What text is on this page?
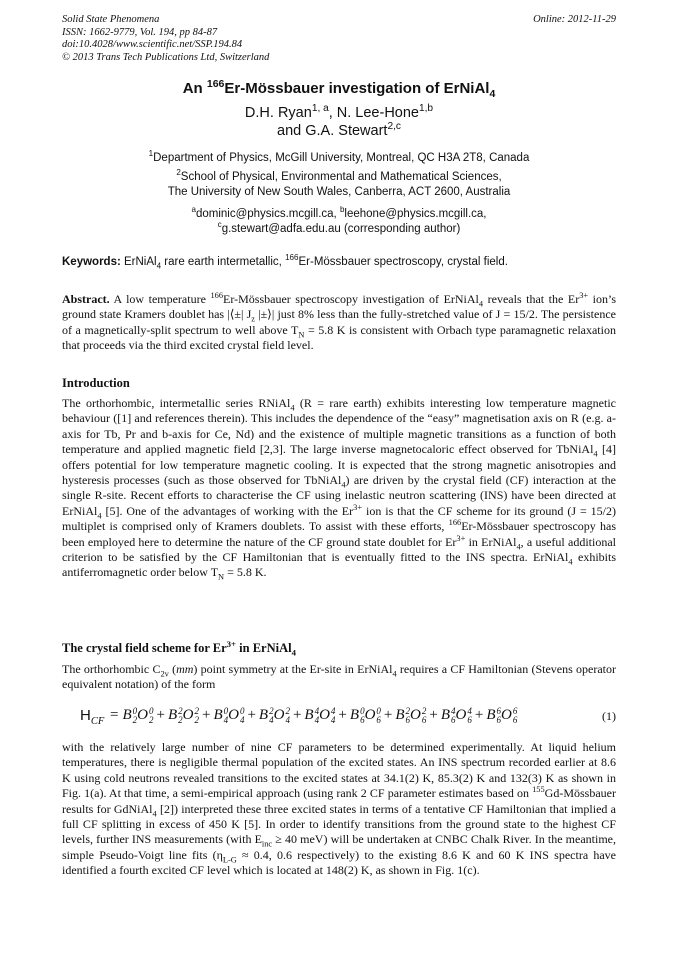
Solid State Phenomena
ISSN: 1662-9779, Vol. 194, pp 84-87
doi:10.4028/www.scientific.net/SSP.194.84
© 2013 Trans Tech Publications Ltd, Switzerland
Online: 2012-11-29
An $^{166}$Er-Mössbauer investigation of ErNiAl$_4$
D.H. Ryan$^{1, a}$, N. Lee-Hone$^{1,b}$
and G.A. Stewart$^{2,c}$
$^1$Department of Physics, McGill University, Montreal, QC H3A 2T8, Canada
$^2$School of Physical, Environmental and Mathematical Sciences,
The University of New South Wales, Canberra, ACT 2600, Australia
$^a$dominic@physics.mcgill.ca, $^b$leehone@physics.mcgill.ca,
$^c$g.stewart@adfa.edu.au (corresponding author)
Keywords: ErNiAl$_4$ rare earth intermetallic, $^{166}$Er-Mössbauer spectroscopy, crystal field.
Abstract. A low temperature $^{166}$Er-Mössbauer spectroscopy investigation of ErNiAl$_4$ reveals that the $Er^{3+}$ ion’s ground state Kramers doublet has |⟨±| $J_z$ |±⟩| just 8% less than the fully-stretched value of J = 15/2. The persistence of a magnetically-split spectrum to well above $T_N = 5.8$ K is consistent with Orbach type paramagnetic relaxation that proceeds via the third excited crystal field level.
Introduction
The orthorhombic, intermetallic series RNiAl$_4$ (R = rare earth) exhibits interesting low temperature magnetic behaviour ([1] and references therein). This includes the dependence of the “easy” magnetisation axis on R (e.g. a-axis for Tb, Pr and b-axis for Ce, Nd) and the existence of multiple magnetic transitions as a function of both temperature and applied magnetic field [2,3]. The large inverse magnetocaloric effect observed for TbNiAl$_4$ [4] offers potential for low temperature magnetic cooling. It is expected that the strong magnetic anisotropies and hysteresis processes (such as those observed for TbNiAl$_4$) are driven by the crystal field (CF) interaction at the single R-site. Recent efforts to characterise the CF using inelastic neutron scattering (INS) have been directed at ErNiAl$_4$ [5]. One of the advantages of working with the $Er^{3+}$ ion is that the CF scheme for its ground (J = 15/2) multiplet is comprised only of Kramers doublets. To assist with these efforts, $^{166}$Er-Mössbauer spectroscopy has been employed here to determine the nature of the CF ground state doublet for $Er^{3+}$ in ErNiAl$_4$, a useful additional criterion to be satisfied by the CF Hamiltonian that is eventually fitted to the INS spectra. ErNiAl$_4$ exhibits antiferromagnetic order below $T_N = 5.8$ K.
The crystal field scheme for $Er^{3+}$ in ErNiAl$_4$
The orthorhombic $C_{2v}$ (mm) point symmetry at the Er-site in ErNiAl$_4$ requires a CF Hamiltonian (Stevens operator equivalent notation) of the form
$H_{CF} = B$ 0
2 O 0
2 + B 2
2 O 2
2 + B 0
4 O 0
4 + B 2
4 O 2
4 + B 4
4 O 4
4 + B 0
6 O 0
6 + B 2
6 O 2
6 + B 4
6 O 4
6 + B 6
6 O 6
6	(1)
with the relatively large number of nine CF parameters to be determined experimentally. At liquid helium temperatures, there is negligible thermal population of the excited states. An INS spectrum recorded earlier at 8.6 K using cold neutrons revealed transitions to the excited states at 34.1(2) K, 85.3(2) K and 132(3) K as shown in Fig. 1(a). At that time, a semi-empirical approach (using rank 2 CF parameter estimates based on $^{155}$Gd-Mössbauer results for GdNiAl$_4$ [2]) interpreted these three excited states in terms of a tentative CF Hamiltonian that implied a full CF splitting in excess of 450 K [5]. In order to identify transitions from the ground state to the highest CF levels, further INS measurements (with $E_{inc} \ge 40$ meV) will be undertaken at CNBC Chalk River. In the meantime, simple Pseudo-Voigt line fits ($\eta_{L-G} \approx 0.4$, 0.6 respectively) to the existing 8.6 K and 60 K INS spectra have identified a fourth excited CF level which is located at 148(2) K, as shown in Fig. 1(c).
